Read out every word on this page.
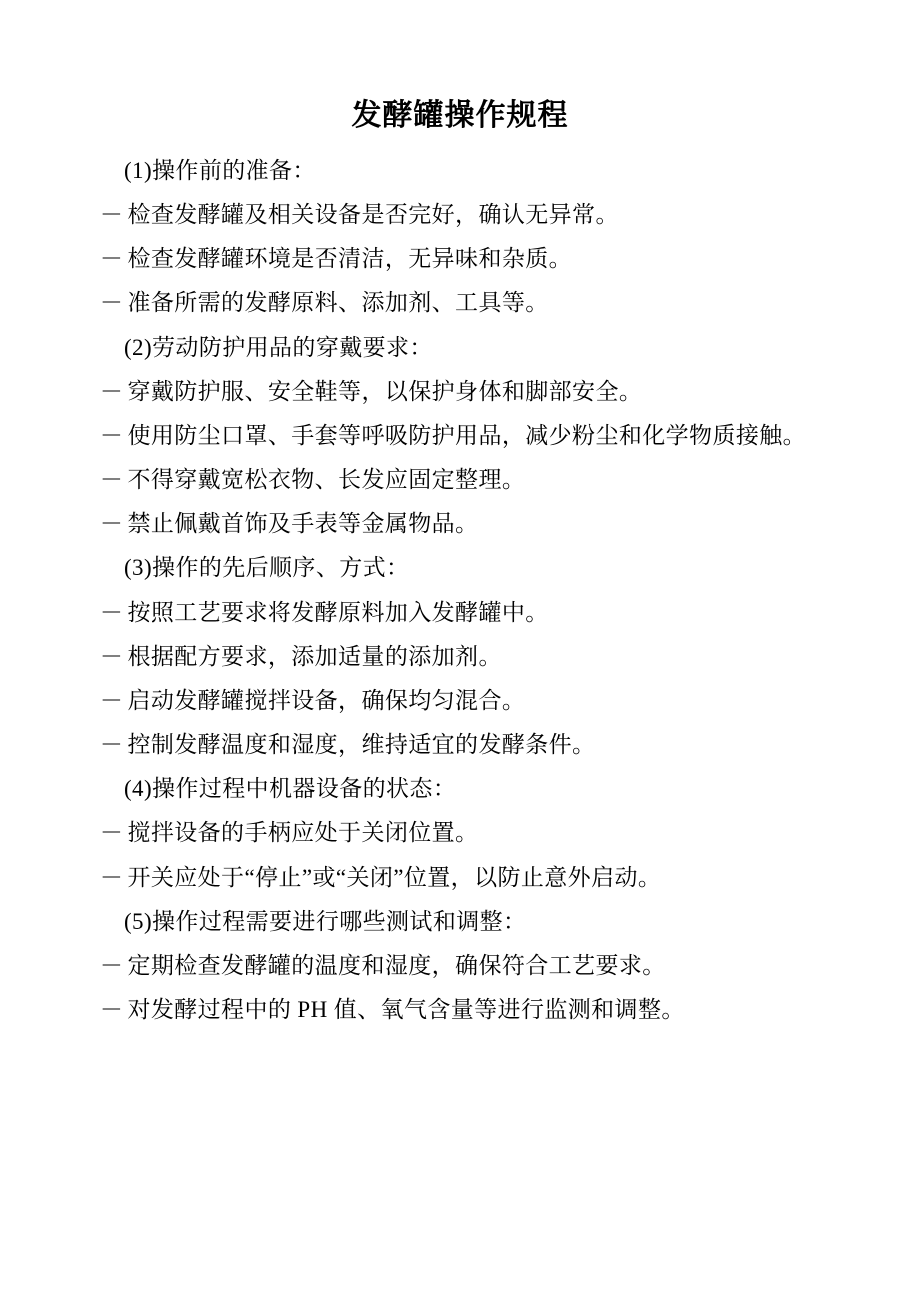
发酵罐操作规程
(1)操作前的准备：
－检查发酵罐及相关设备是否完好，确认无异常。
－检查发酵罐环境是否清洁，无异味和杂质。
－准备所需的发酵原料、添加剂、工具等。
(2)劳动防护用品的穿戴要求：
－穿戴防护服、安全鞋等，以保护身体和脚部安全。
－使用防尘口罩、手套等呼吸防护用品，减少粉尘和化学物质接触。
－不得穿戴宽松衣物、长发应固定整理。
－禁止佩戴首饰及手表等金属物品。
(3)操作的先后顺序、方式：
－按照工艺要求将发酵原料加入发酵罐中。
－根据配方要求，添加适量的添加剂。
－启动发酵罐搅拌设备，确保均匀混合。
－控制发酵温度和湿度，维持适宜的发酵条件。
(4)操作过程中机器设备的状态：
－搅拌设备的手柄应处于关闭位置。
－开关应处于“停止”或“关闭”位置，以防止意外启动。
(5)操作过程需要进行哪些测试和调整：
－定期检查发酵罐的温度和湿度，确保符合工艺要求。
－对发酵过程中的 PH 值、氧气含量等进行监测和调整。
